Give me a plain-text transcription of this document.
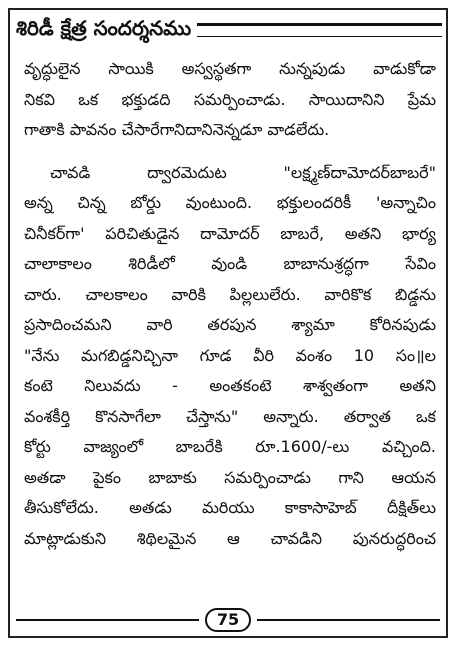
శిరిడీ క్షేత్ర సందర్శనము
వృద్ధులైన సాయికి అస్వస్థతగా నున్నపుడు వాడుకోడా
నికవి ఒక భక్తుడది సమర్పించాడు. సాయిదానిని ప్రేమ
గాతాకి పావనం చేసారేగానిదానినెన్నడూ వాడలేదు.
చావడి ద్వారమెదుట "లక్ష్మణ్‌దామోదర్‌బాబరే"
అన్న చిన్న బోర్డు వుంటుంది. భక్తులందరికీ 'అన్నాచిం
చినీకర్‌గా' పరిచితుడైన దామోదర్ బాబరే, అతని భార్య
చాలాకాలం శిరిడీలో వుండి బాబానుశ్రద్ధగా సేవిం
చారు. చాలకాలం వారికి పిల్లలులేరు. వారికొక బిడ్డను
ప్రసాదించమని వారి తరపున శ్యామా కోరినపుడు
"నేను మగబిడ్డనిచ్చినా గూడ వీరి వంశం 10 సం॥ల
కంటె నిలువదు - అంతకంటె శాశ్వతంగా అతని
వంశకీర్తి కొనసాగేలా చేస్తాను" అన్నారు. తర్వాత ఒక
కోర్టు వాజ్యంలో బాబరేకి రూ.1600/-లు వచ్చింది.
అతడా పైకం బాబాకు సమర్పించాడు గాని ఆయన
తీసుకోలేదు. అతడు మరియు కాకాసాహెబ్ దీక్షిత్‌లు
మాట్లాడుకుని శిథిలమైన ఆ చావడిని పునరుద్ధరించ
75
